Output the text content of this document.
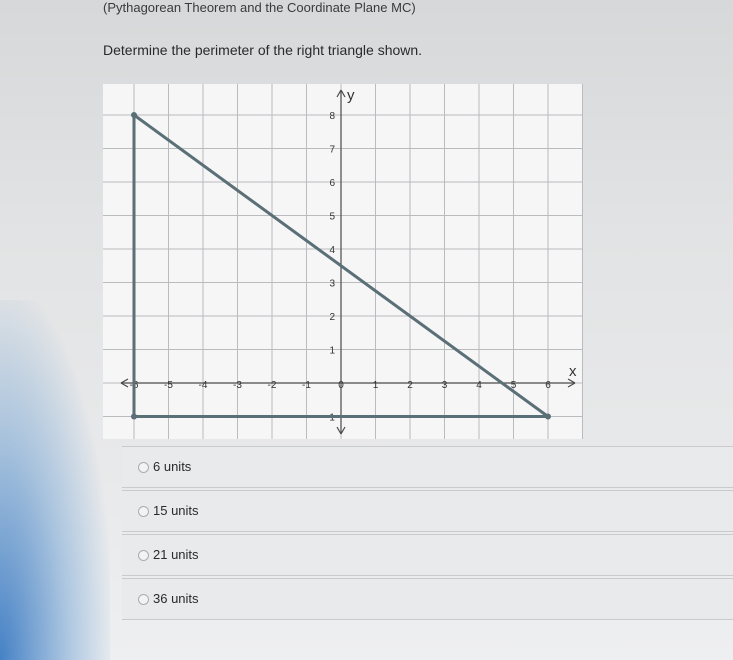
(Pythagorean Theorem and the Coordinate Plane MC)
Determine the perimeter of the right triangle shown.
x
y
-6	-5	-4	-3	-2	-1	0	1	2	3	4	5	6
8
7
6
5
4
3
2
1
-1
6 units
15 units
21 units
36 units
